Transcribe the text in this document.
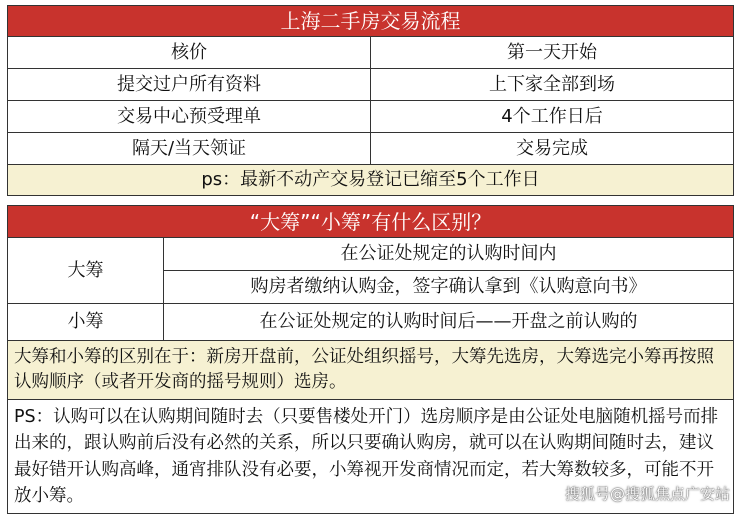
上海二手房交易流程	
核价	第一天开始
提交过户所有资料	上下家全部到场
交易中心预受理单	4个工作日后
隔天/当天领证	交易完成
ps：最新不动产交易登记已缩至5个工作日	
“大筹”“小筹”有什么区别？	
大筹	在公证处规定的认购时间内
	购房者缴纳认购金，签字确认拿到《认购意向书》
小筹	在公证处规定的认购时间后——开盘之前认购的
大筹和小筹的区别在于：新房开盘前，公证处组织摇号，大筹先选房，大筹选完小筹再按照认购顺序（或者开发商的摇号规则）选房。	
PS：认购可以在认购期间随时去（只要售楼处开门）选房顺序是由公证处电脑随机摇号而排出来的，跟认购前后没有必然的关系，所以只要确认购房，就可以在认购期间随时去，建议最好错开认购高峰，通宵排队没有必要，小筹视开发商情况而定，若大筹数较多，可能不开放小筹。		搜狐号@搜狐焦点广安站
